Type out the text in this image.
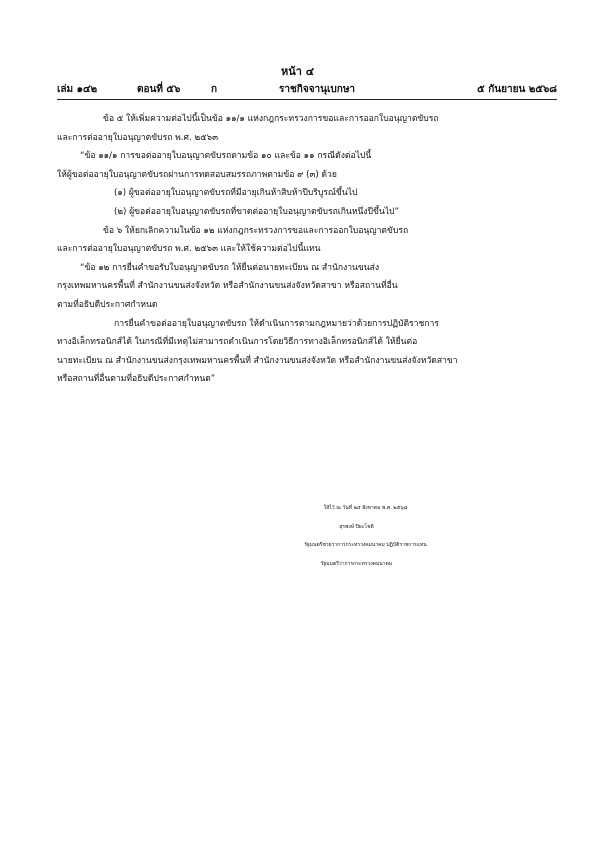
หน้า ๔
เล่ม ๑๔๒	ตอนที่ ๕๖	ก	ราชกิจจานุเบกษา	๕ กันยายน ๒๕๖๘

ข้อ ๕ ให้เพิ่มความต่อไปนี้เป็นข้อ ๑๑/๑ แห่งกฎกระทรวงการขอและการออกใบอนุญาตขับรถ

และการต่ออายุใบอนุญาตขับรถ พ.ศ. ๒๕๖๓

“ข้อ ๑๑/๑ การขอต่ออายุใบอนุญาตขับรถตามข้อ ๑๐ และข้อ ๑๑ กรณีดังต่อไปนี้

ให้ผู้ขอต่ออายุใบอนุญาตขับรถผ่านการทดสอบสมรรถภาพตามข้อ ๙ (๓) ด้วย

(๑) ผู้ขอต่ออายุใบอนุญาตขับรถที่มีอายุเกินห้าสิบห้าปีบริบูรณ์ขึ้นไป

(๒) ผู้ขอต่ออายุใบอนุญาตขับรถที่ขาดต่ออายุใบอนุญาตขับรถเกินหนึ่งปีขึ้นไป”

ข้อ ๖ ให้ยกเลิกความในข้อ ๑๒ แห่งกฎกระทรวงการขอและการออกใบอนุญาตขับรถ

และการต่ออายุใบอนุญาตขับรถ พ.ศ. ๒๕๖๓ และให้ใช้ความต่อไปนี้แทน

“ข้อ ๑๒ การยื่นคำขอรับใบอนุญาตขับรถ ให้ยื่นต่อนายทะเบียน ณ สำนักงานขนส่ง

กรุงเทพมหานครพื้นที่ สำนักงานขนส่งจังหวัด หรือสำนักงานขนส่งจังหวัดสาขา หรือสถานที่อื่น

ตามที่อธิบดีประกาศกำหนด

การยื่นคำขอต่ออายุใบอนุญาตขับรถ ให้ดำเนินการตามกฎหมายว่าด้วยการปฏิบัติราชการ

ทางอิเล็กทรอนิกส์ได้ ในกรณีที่มีเหตุไม่สามารถดำเนินการโดยวิธีการทางอิเล็กทรอนิกส์ได้ ให้ยื่นต่อ

นายทะเบียน ณ สำนักงานขนส่งกรุงเทพมหานครพื้นที่ สำนักงานขนส่งจังหวัด หรือสำนักงานขนส่งจังหวัดสาขา

หรือสถานที่อื่นตามที่อธิบดีประกาศกำหนด”

ให้ไว้ ณ วันที่ ๒๕ สิงหาคม พ.ศ. ๒๕๖๘

สุรพงษ์ ปิยะโชติ

รัฐมนตรีช่วยว่าการกระทรวงคมนาคม ปฏิบัติราชการแทน

รัฐมนตรีว่าการกระทรวงคมนาคม
